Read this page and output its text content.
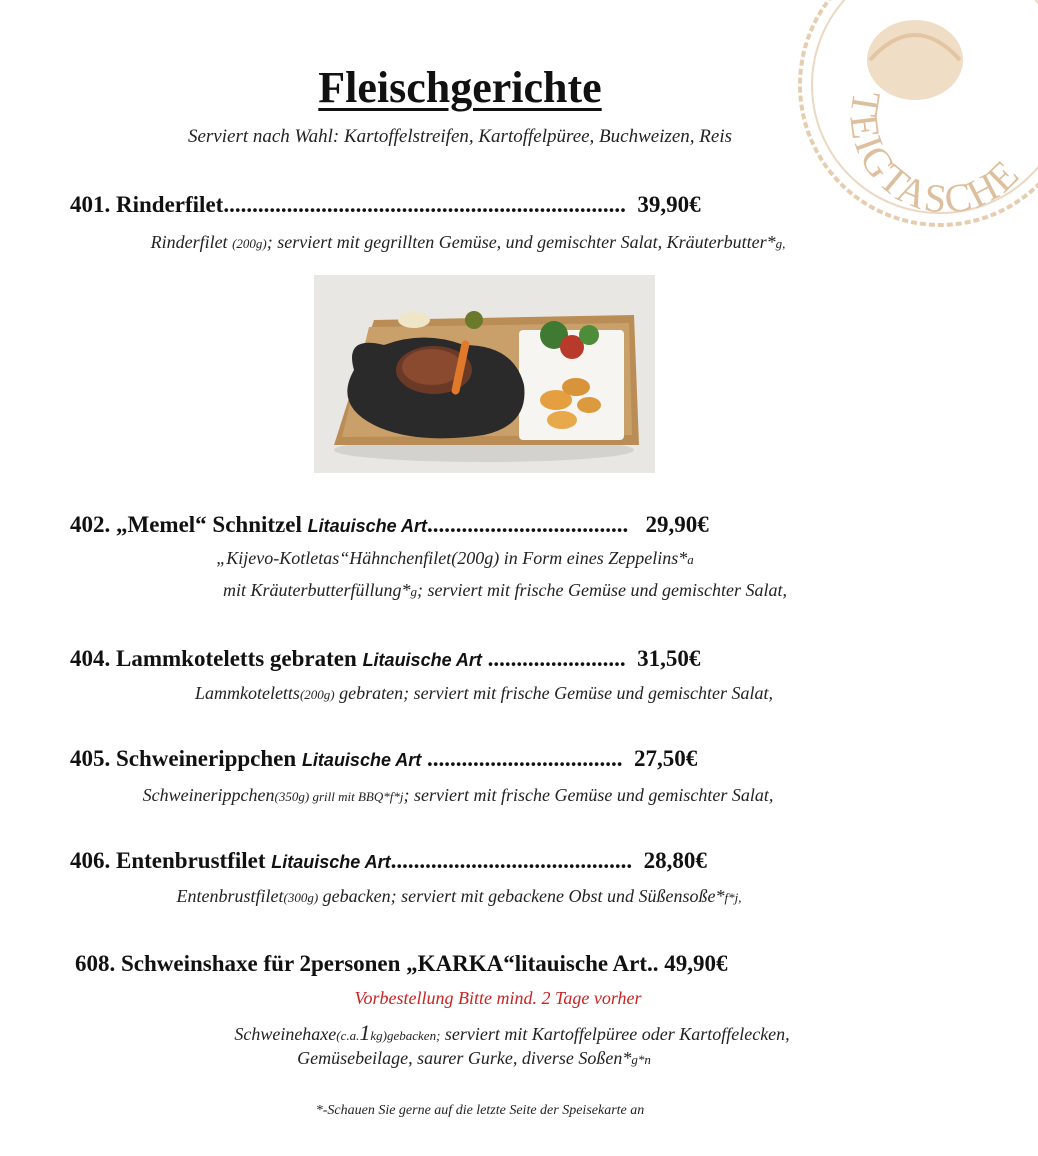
TEIGTASCHE
Fleischgerichte
Serviert nach Wahl: Kartoffelstreifen, Kartoffelpüree, Buchweizen, Reis
401. Rinderfilet...................................................................... 39,90€
Rinderfilet (200g); serviert mit gegrillten Gemüse, und gemischter Salat, Kräuterbutter*g,
402. „Memel“ Schnitzel Litauische Art................................... 29,90€
„Kijevo-Kotletas“Hähnchenfilet(200g) in Form eines Zeppelins*a
mit Kräuterbutterfüllung*g; serviert mit frische Gemüse und gemischter Salat,
404. Lammkoteletts gebraten Litauische Art ........................ 31,50€
Lammkoteletts(200g) gebraten; serviert mit frische Gemüse und gemischter Salat,
405. Schweinerippchen Litauische Art .................................. 27,50€
Schweinerippchen(350g) grill mit BBQ*f*j; serviert mit frische Gemüse und gemischter Salat,
406. Entenbrustfilet Litauische Art.......................................... 28,80€
Entenbrustfilet(300g) gebacken; serviert mit gebackene Obst und Süßensoße*f*j,
608. Schweinshaxe für 2personen „KARKA“litauische Art.. 49,90€
Vorbestellung Bitte mind. 2 Tage vorher
Schweinehaxe(c.a.1kg)gebacken; serviert mit Kartoffelpüree oder Kartoffelecken,
Gemüsebeilage, saurer Gurke, diverse Soßen*g*n
*-Schauen Sie gerne auf die letzte Seite der Speisekarte an
